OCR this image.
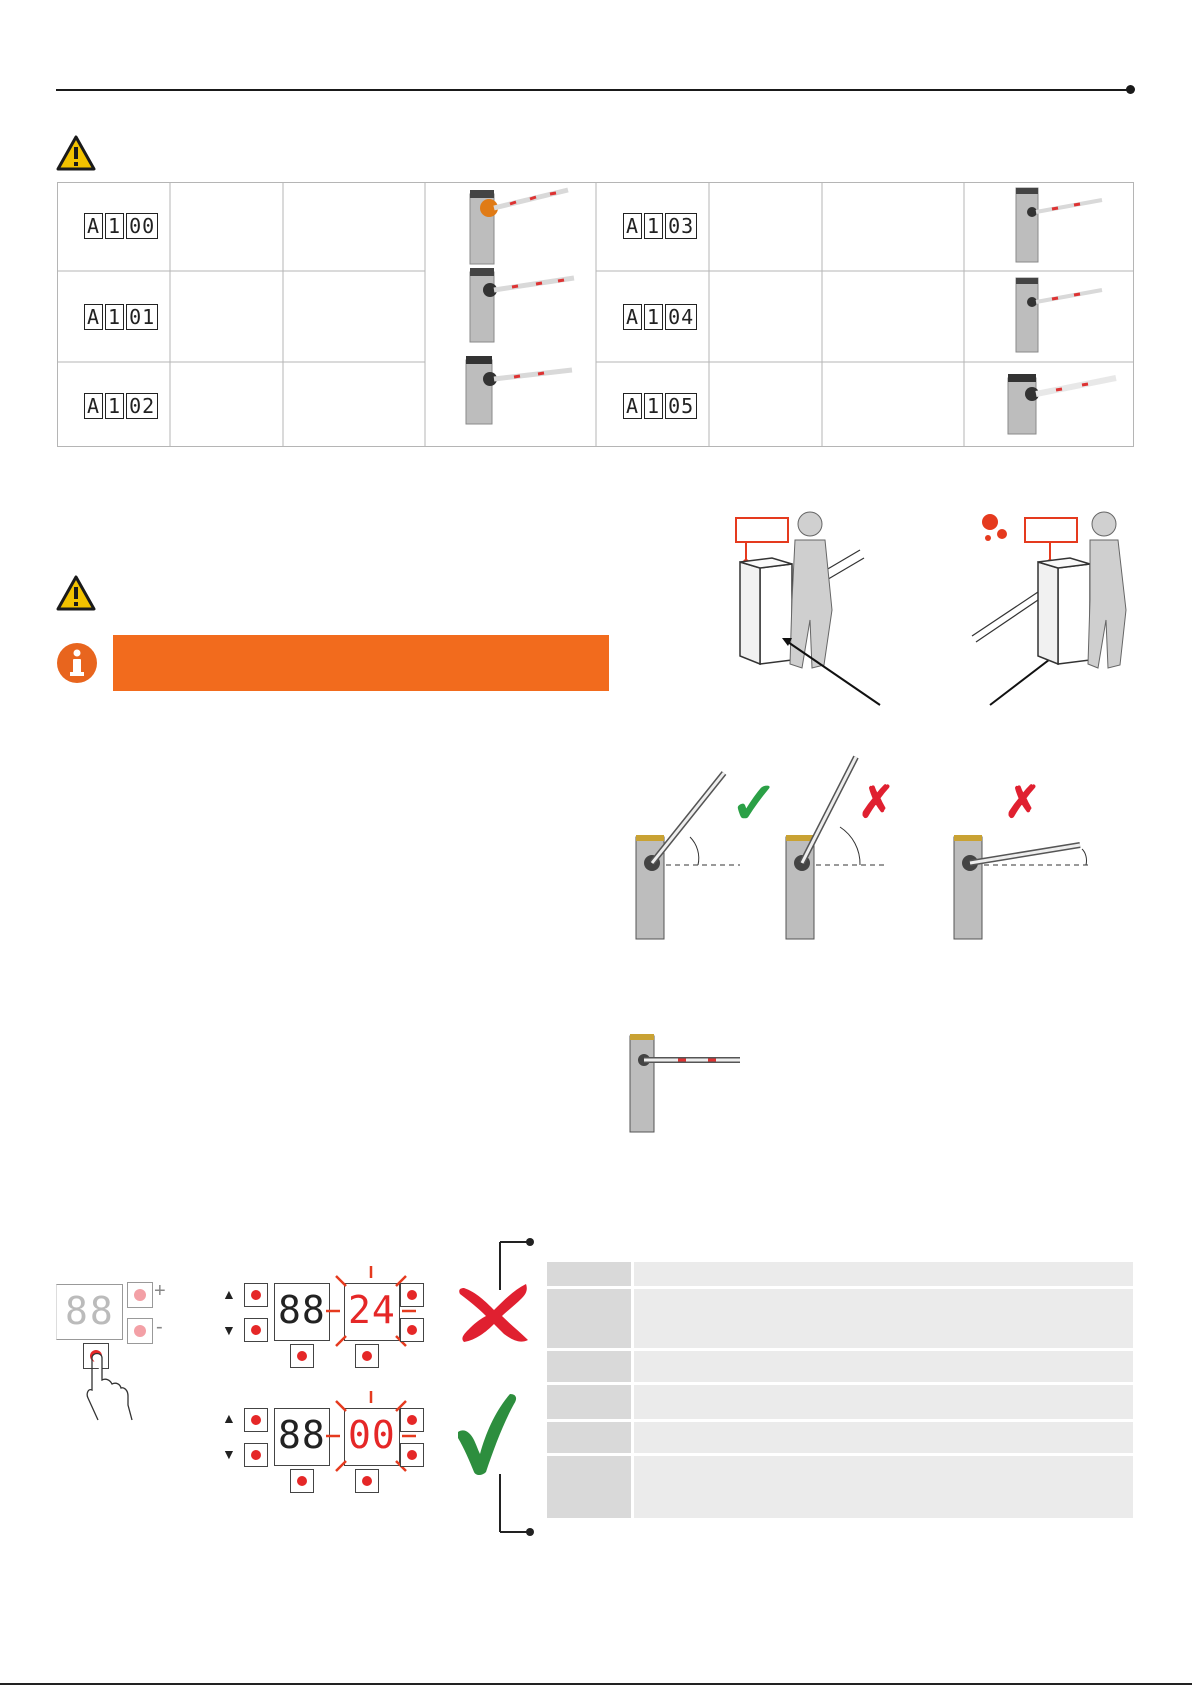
A 1 00
A 1 01
A 1 02
A 1 03
A 1 04
A 1 05
✓ ✗ ✗
88 +
-
▲
▼ 88 24
▲
▼ 88 00
